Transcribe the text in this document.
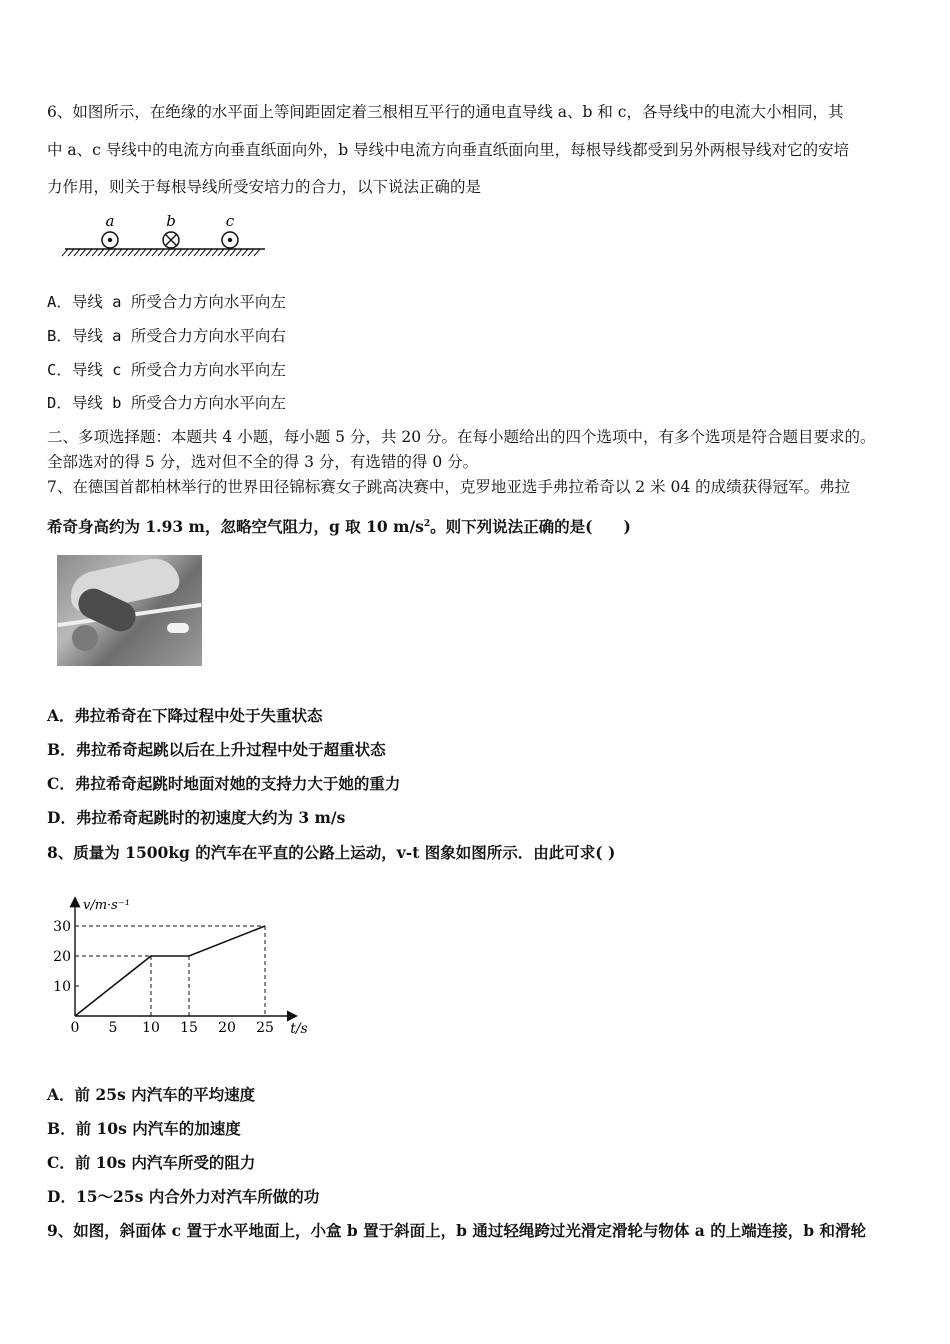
6、如图所示，在绝缘的水平面上等间距固定着三根相互平行的通电直导线 a、b 和 c，各导线中的电流大小相同，其
中 a、c 导线中的电流方向垂直纸面向外，b 导线中电流方向垂直纸面向里，每根导线都受到另外两根导线对它的安培
力作用，则关于每根导线所受安培力的合力，以下说法正确的是
a	b	c
A．导线 a 所受合力方向水平向左
B．导线 a 所受合力方向水平向右
C．导线 c 所受合力方向水平向左
D．导线 b 所受合力方向水平向左
二、多项选择题：本题共 4 小题，每小题 5 分，共 20 分。在每小题给出的四个选项中，有多个选项是符合题目要求的。
全部选对的得 5 分，选对但不全的得 3 分，有选错的得 0 分。
7、在德国首都柏林举行的世界田径锦标赛女子跳高决赛中，克罗地亚选手弗拉希奇以 2 米 04 的成绩获得冠军。弗拉
希奇身高约为 1.93 m，忽略空气阻力，g 取 10 $m/s^2$。则下列说法正确的是(　　)
A．弗拉希奇在下降过程中处于失重状态
B．弗拉希奇起跳以后在上升过程中处于超重状态
C．弗拉希奇起跳时地面对她的支持力大于她的重力
D．弗拉希奇起跳时的初速度大约为 3 m/s
8、质量为 1500kg 的汽车在平直的公路上运动，v-t 图象如图所示．由此可求( )
0 5 10 15 20 25
10
20
30
t/s
v/m·s⁻¹
A．前 25s 内汽车的平均速度
B．前 10s 内汽车的加速度
C．前 10s 内汽车所受的阻力
D．15～25s 内合外力对汽车所做的功
9、如图，斜面体 c 置于水平地面上，小盒 b 置于斜面上，b 通过轻绳跨过光滑定滑轮与物体 a 的上端连接，b 和滑轮
